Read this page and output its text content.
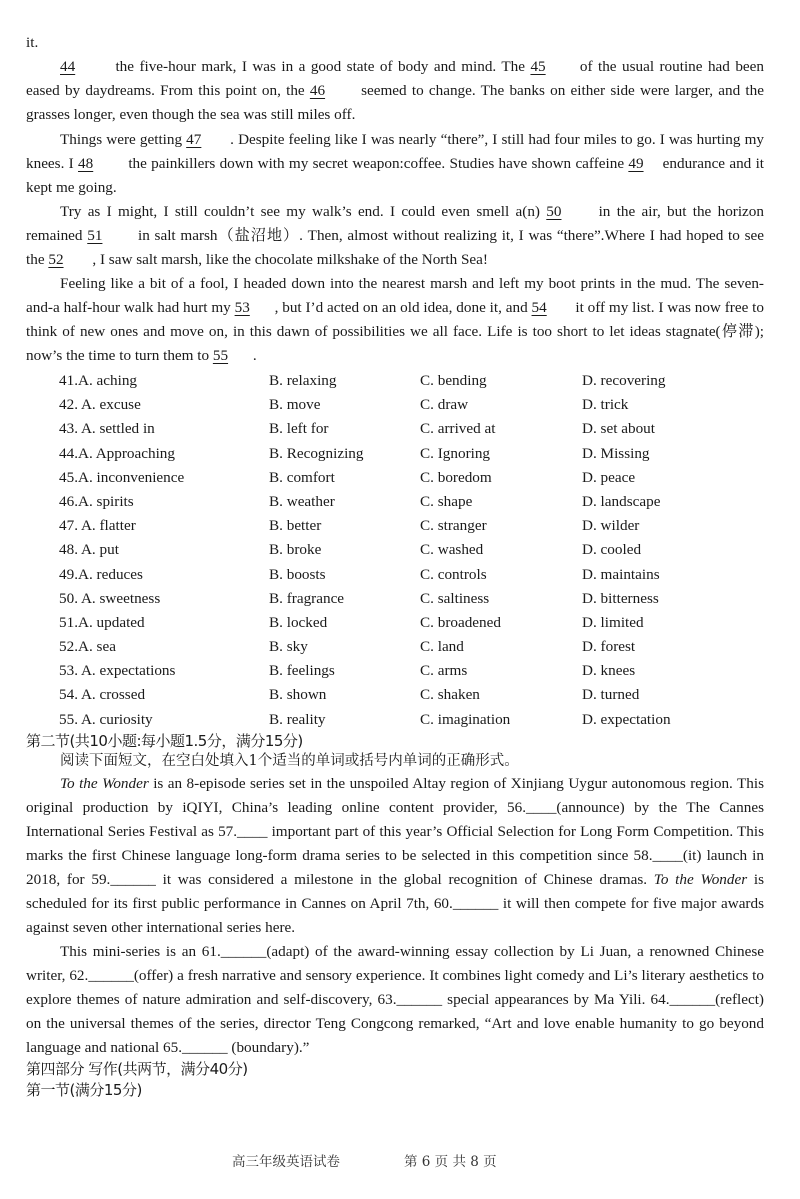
it.
44 the five-hour mark, I was in a good state of body and mind. The 45 of the usual routine had been eased by daydreams. From this point on, the 46 seemed to change. The banks on either side were larger, and the grasses longer, even though the sea was still miles off.
Things were getting 47 . Despite feeling like I was nearly “there”, I still had four miles to go. I was hurting my knees. I 48 the painkillers down with my secret weapon:coffee. Studies have shown caffeine 49 endurance and it kept me going.
Try as I might, I still couldn’t see my walk’s end. I could even smell a(n) 50 in the air, but the horizon remained 51 in salt marsh（盐沼地）. Then, almost without realizing it, I was “there”.Where I had hoped to see the 52 , I saw salt marsh, like the chocolate milkshake of the North Sea!
Feeling like a bit of a fool, I headed down into the nearest marsh and left my boot prints in the mud. The seven-and-a half-hour walk had hurt my 53 , but I’d acted on an old idea, done it, and 54 it off my list. I was now free to think of new ones and move on, in this dawn of possibilities we all face. Life is too short to let ideas stagnate(停滞); now’s the time to turn them to 55 .
41.A. aching	B. relaxing	C. bending	D. recovering
42. A. excuse	B. move	C. draw	D. trick
43. A. settled in	B. left for	C. arrived at	D. set about
44.A. Approaching	B. Recognizing	C. Ignoring	D. Missing
45.A. inconvenience	B. comfort	C. boredom	D. peace
46.A. spirits	B. weather	C. shape	D. landscape
47. A. flatter	B. better	C. stranger	D. wilder
48. A. put	B. broke	C. washed	D. cooled
49.A. reduces	B. boosts	C. controls	D. maintains
50. A. sweetness	B. fragrance	C. saltiness	D. bitterness
51.A. updated	B. locked	C. broadened	D. limited
52.A. sea	B. sky	C. land	D. forest
53. A. expectations	B. feelings	C. arms	D. knees
54. A. crossed	B. shown	C. shaken	D. turned
55. A. curiosity	B. reality	C. imagination	D. expectation
第二节(共10小题:每小题1.5分，满分15分)
阅读下面短文，在空白处填入1个适当的单词或括号内单词的正确形式。
To the Wonder is an 8-episode series set in the unspoiled Altay region of Xinjiang Uygur autonomous region. This original production by iQIYI, China’s leading online content provider, 56.____(announce) by the The Cannes International Series Festival as 57.____ important part of this year’s Official Selection for Long Form Competition. This marks the first Chinese language long-form drama series to be selected in this competition since 58.____(it) launch in 2018, for 59.______ it was considered a milestone in the global recognition of Chinese dramas. To the Wonder is scheduled for its first public performance in Cannes on April 7th, 60.______ it will then compete for five major awards against seven other international series here.
This mini-series is an 61.______(adapt) of the award-winning essay collection by Li Juan, a renowned Chinese writer, 62.______(offer) a fresh narrative and sensory experience. It combines light comedy and Li’s literary aesthetics to explore themes of nature admiration and self-discovery, 63.______ special appearances by Ma Yili. 64.______(reflect) on the universal themes of the series, director Teng Congcong remarked, “Art and love enable humanity to go beyond language and national 65.______ (boundary).”
第四部分 写作(共两节，满分40分)
第一节(满分15分)
高三年级英语试卷	第 6 页 共 8 页
